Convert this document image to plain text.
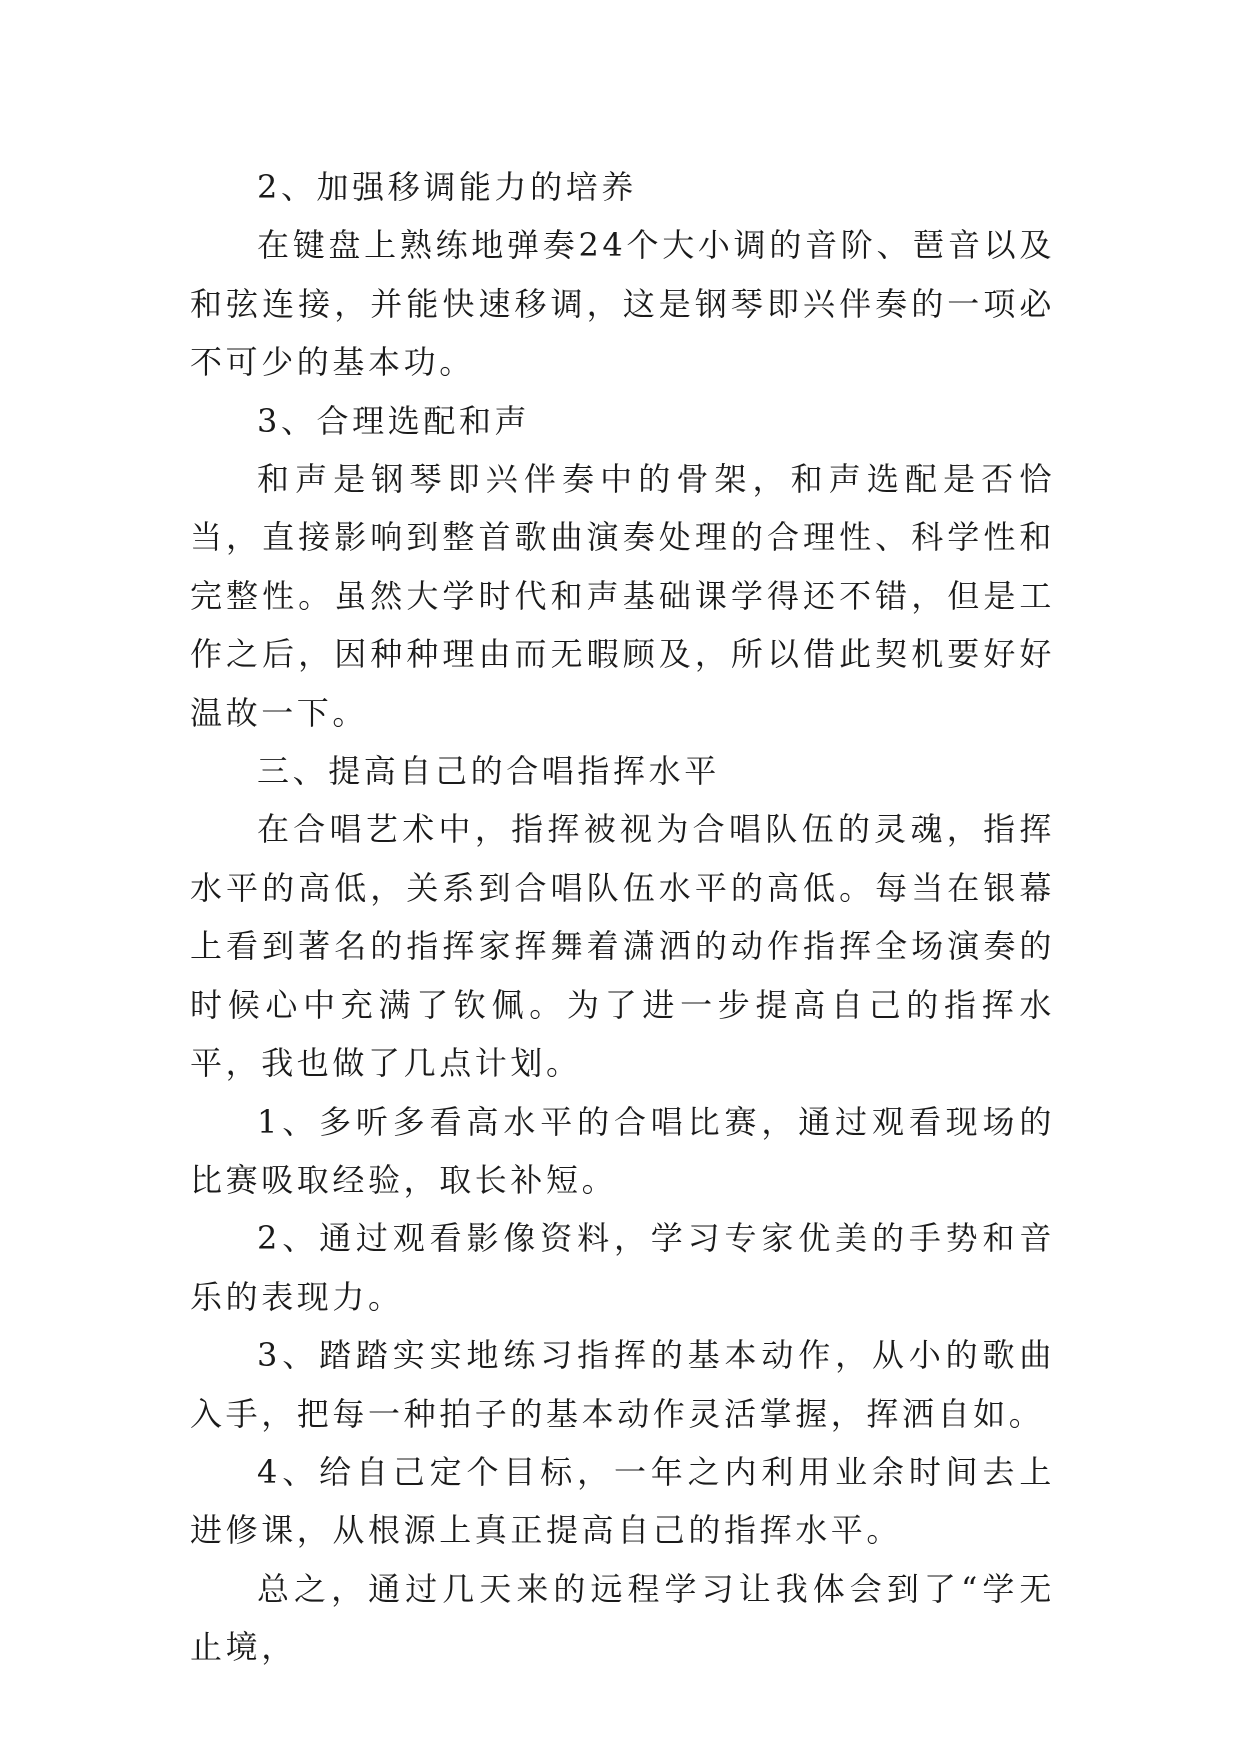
2、加强移调能力的培养

在键盘上熟练地弹奏24个大小调的音阶、琶音以及和弦连接，并能快速移调，这是钢琴即兴伴奏的一项必不可少的基本功。

3、合理选配和声

和声是钢琴即兴伴奏中的骨架，和声选配是否恰当，直接影响到整首歌曲演奏处理的合理性、科学性和完整性。虽然大学时代和声基础课学得还不错，但是工作之后，因种种理由而无暇顾及，所以借此契机要好好温故一下。

三、提高自己的合唱指挥水平

在合唱艺术中，指挥被视为合唱队伍的灵魂，指挥水平的高低，关系到合唱队伍水平的高低。每当在银幕上看到著名的指挥家挥舞着潇洒的动作指挥全场演奏的时候心中充满了钦佩。为了进一步提高自己的指挥水平，我也做了几点计划。

1、多听多看高水平的合唱比赛，通过观看现场的比赛吸取经验，取长补短。

2、通过观看影像资料，学习专家优美的手势和音乐的表现力。

3、踏踏实实地练习指挥的基本动作，从小的歌曲入手，把每一种拍子的基本动作灵活掌握，挥洒自如。

4、给自己定个目标，一年之内利用业余时间去上进修课，从根源上真正提高自己的指挥水平。

总之，通过几天来的远程学习让我体会到了“学无止境，
